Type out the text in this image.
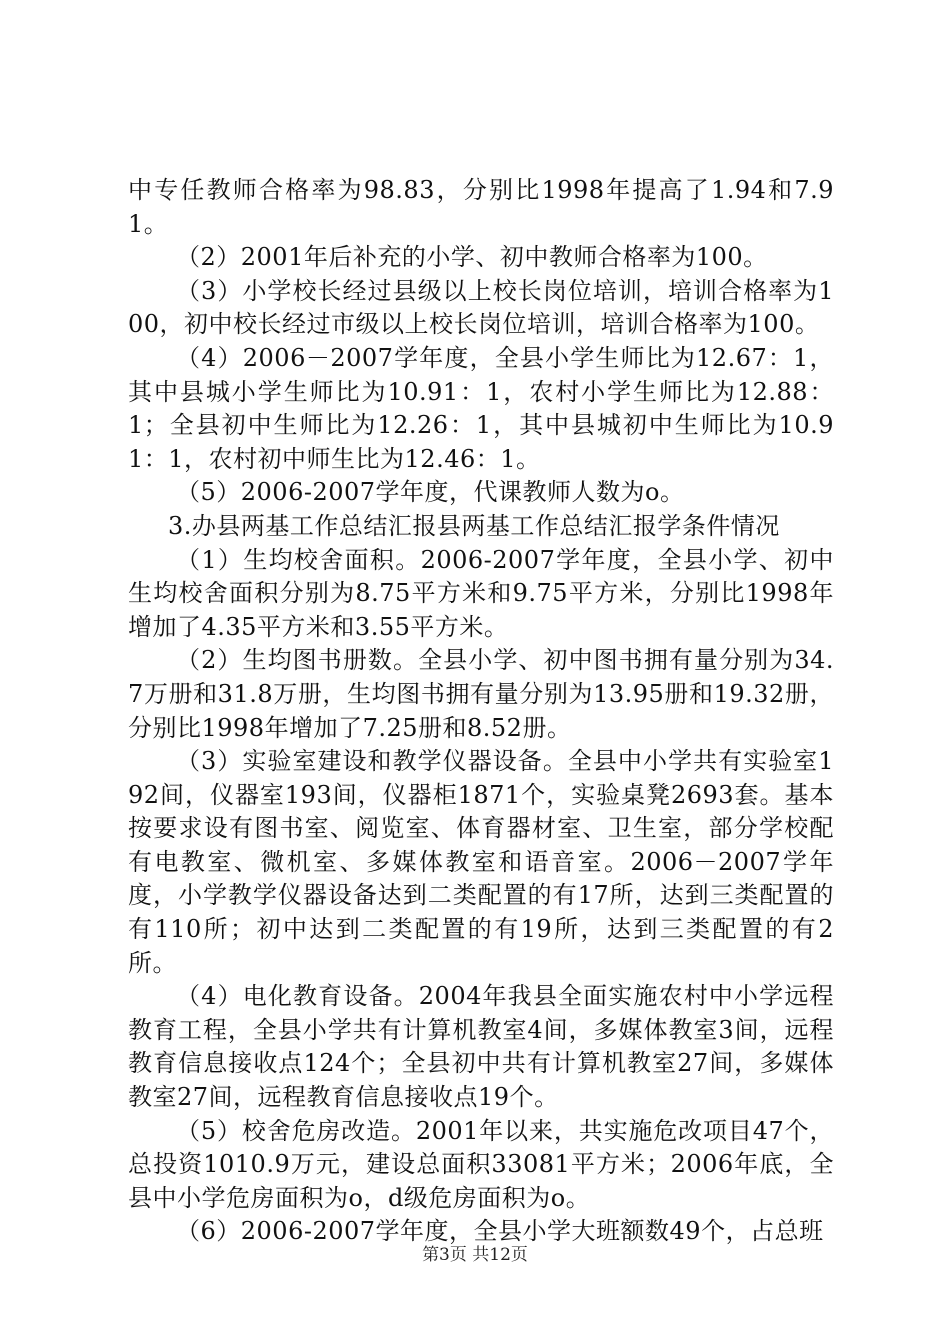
中专任教师合格率为98.83，分别比1998年提高了1.94和7.91。

（2）2001年后补充的小学、初中教师合格率为100。

（3）小学校长经过县级以上校长岗位培训，培训合格率为100，初中校长经过市级以上校长岗位培训，培训合格率为100。

（4）2006－2007学年度，全县小学生师比为12.67：1，其中县城小学生师比为10.91：1，农村小学生师比为12.88：1；全县初中生师比为12.26：1，其中县城初中生师比为10.91：1，农村初中师生比为12.46：1。

（5）2006-2007学年度，代课教师人数为o。

3.办县两基工作总结汇报县两基工作总结汇报学条件情况

（1）生均校舍面积。2006-2007学年度，全县小学、初中生均校舍面积分别为8.75平方米和9.75平方米，分别比1998年增加了4.35平方米和3.55平方米。

（2）生均图书册数。全县小学、初中图书拥有量分别为34.7万册和31.8万册，生均图书拥有量分别为13.95册和19.32册，分别比1998年增加了7.25册和8.52册。

（3）实验室建设和教学仪器设备。全县中小学共有实验室192间，仪器室193间，仪器柜1871个，实验桌凳2693套。基本按要求设有图书室、阅览室、体育器材室、卫生室，部分学校配有电教室、微机室、多媒体教室和语音室。2006－2007学年度，小学教学仪器设备达到二类配置的有17所，达到三类配置的有110所；初中达到二类配置的有19所，达到三类配置的有2所。

（4）电化教育设备。2004年我县全面实施农村中小学远程教育工程，全县小学共有计算机教室4间，多媒体教室3间，远程教育信息接收点124个；全县初中共有计算机教室27间，多媒体教室27间，远程教育信息接收点19个。

（5）校舍危房改造。2001年以来，共实施危改项目47个，总投资1010.9万元，建设总面积33081平方米；2006年底，全县中小学危房面积为o，d级危房面积为o。

（6）2006-2007学年度，全县小学大班额数49个，占总班

第3页 共12页
